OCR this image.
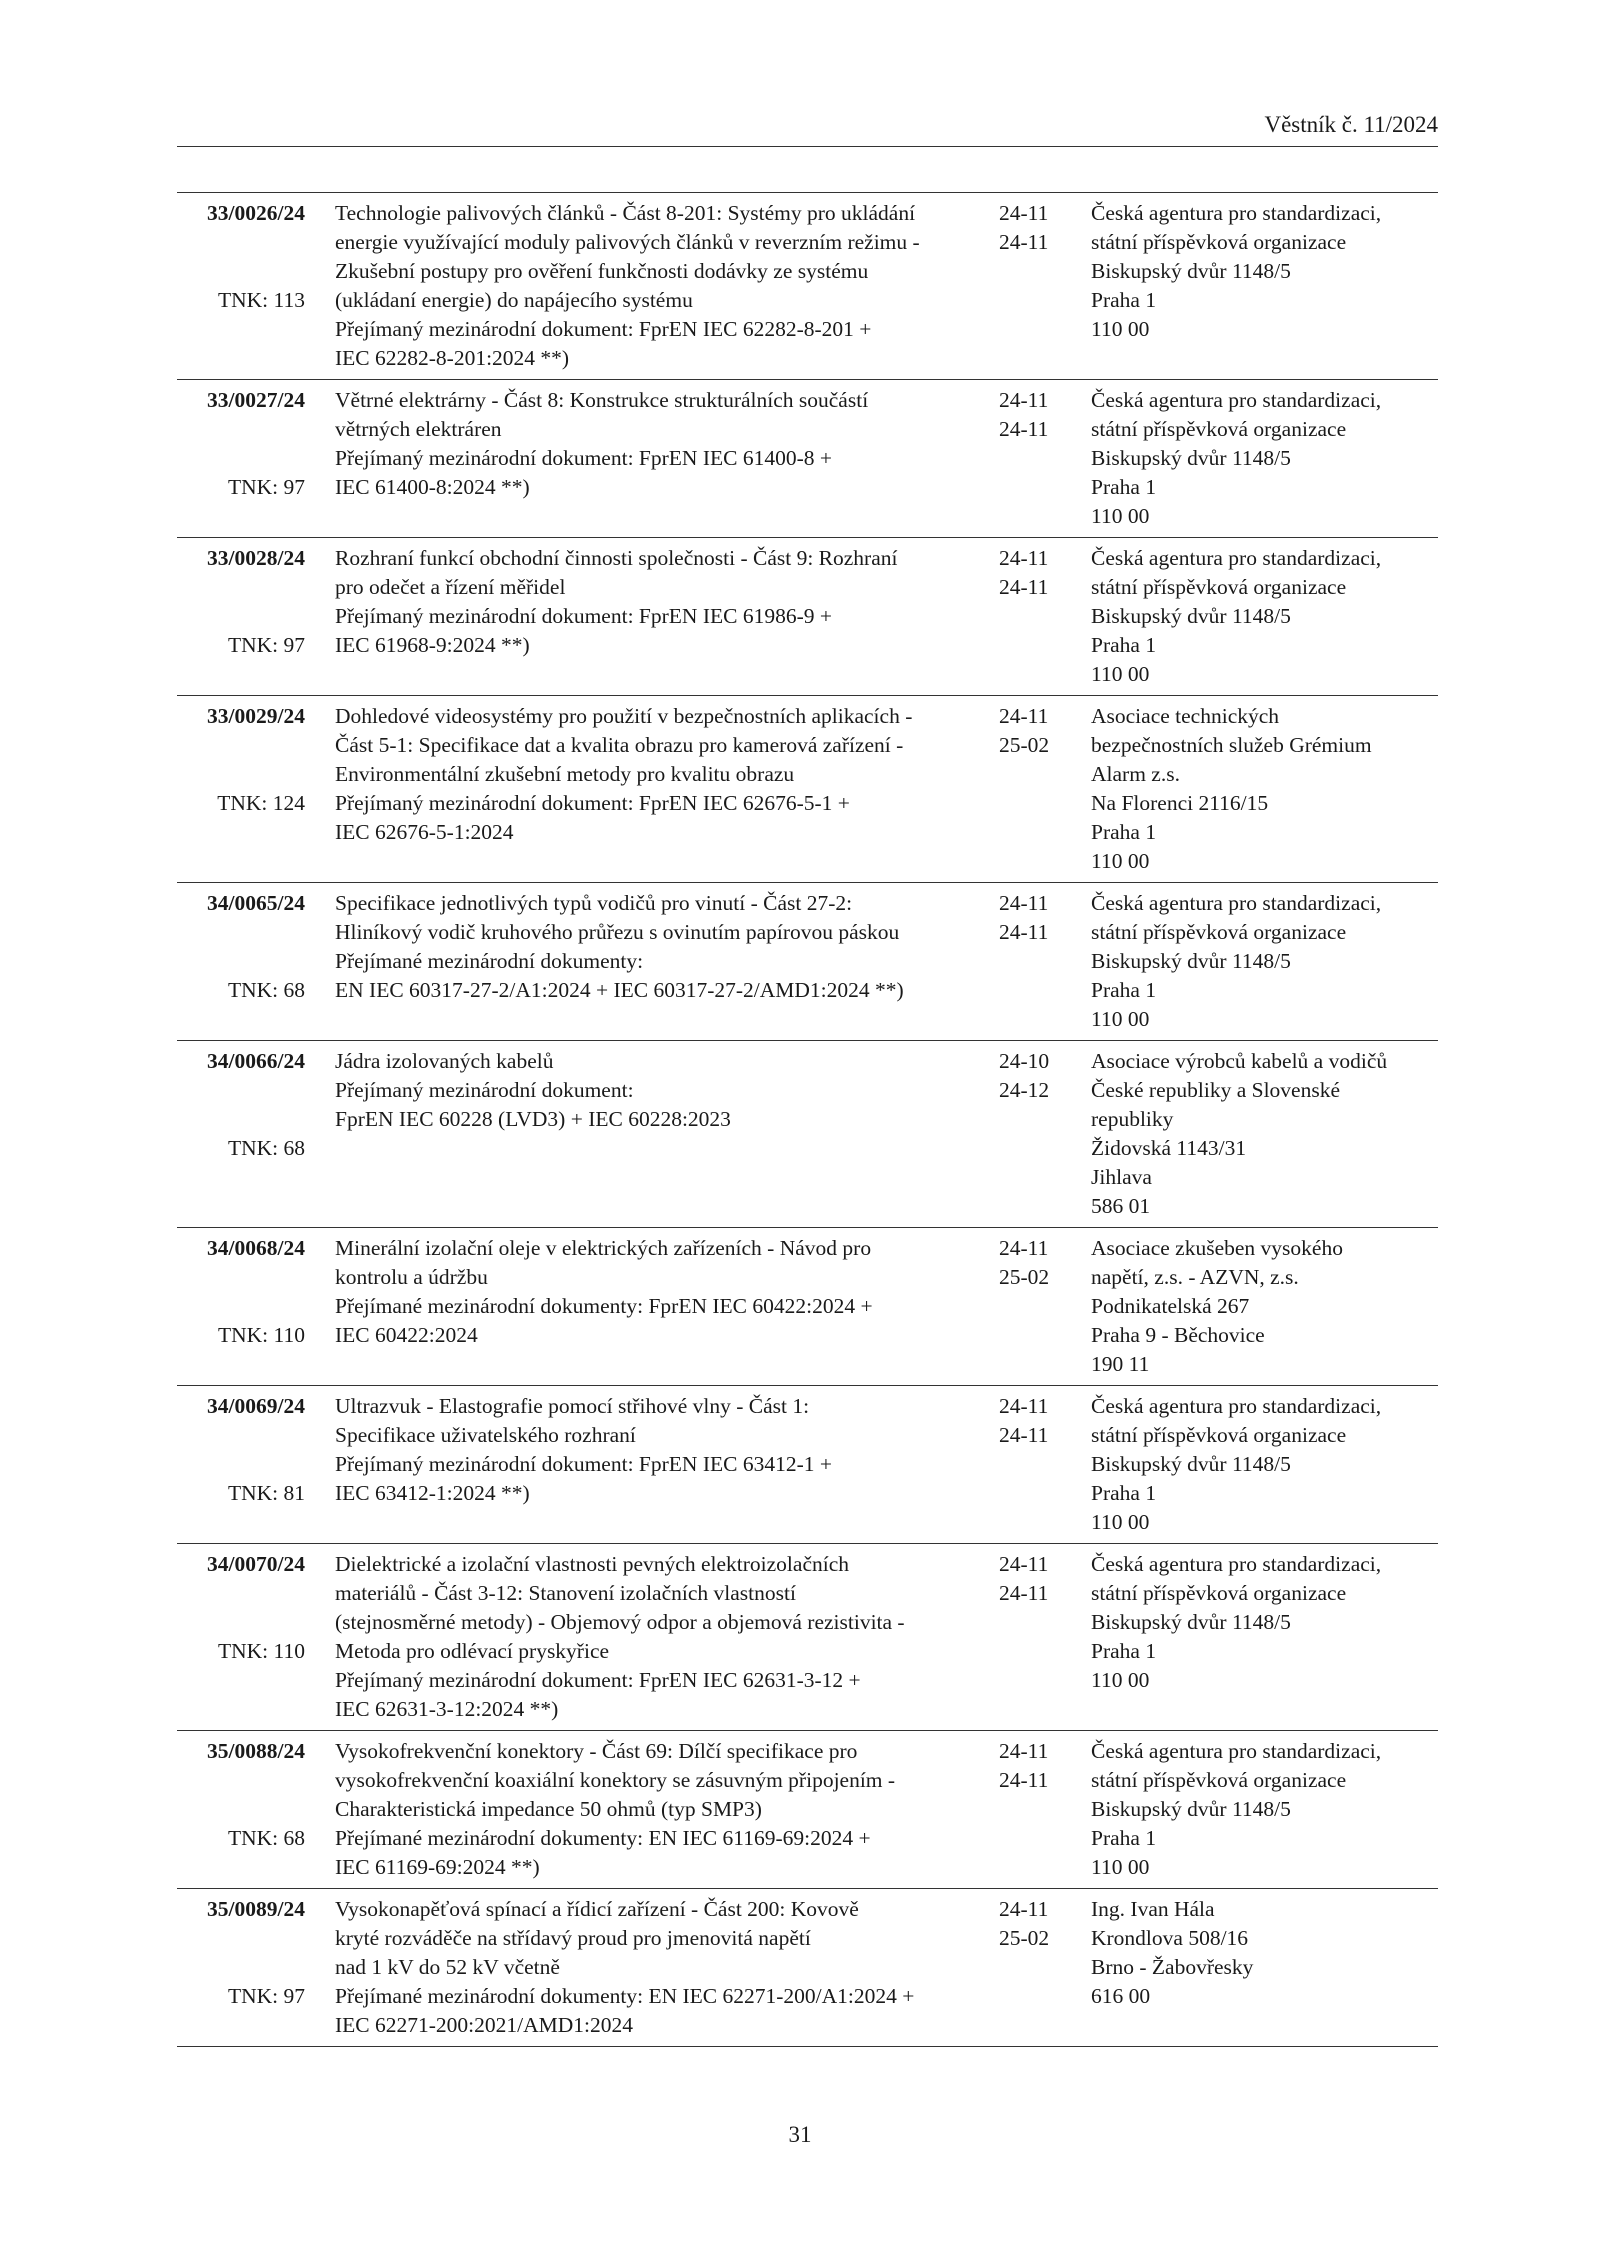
Věstník č. 11/2024
33/0026/24
TNK: 113
Technologie palivových článků - Část 8-201: Systémy pro ukládání
energie využívající moduly palivových článků v reverzním režimu -
Zkušební postupy pro ověření funkčnosti dodávky ze systému
(ukládaní energie) do napájecího systému
Přejímaný mezinárodní dokument: FprEN IEC 62282-8-201 +
IEC 62282-8-201:2024 **)
24-11
24-11
Česká agentura pro standardizaci,
státní příspěvková organizace
Biskupský dvůr 1148/5
Praha 1
110 00
33/0027/24
TNK: 97
Větrné elektrárny - Část 8: Konstrukce strukturálních součástí
větrných elektráren
Přejímaný mezinárodní dokument: FprEN IEC 61400-8 +
IEC 61400-8:2024 **)
24-11
24-11
Česká agentura pro standardizaci,
státní příspěvková organizace
Biskupský dvůr 1148/5
Praha 1
110 00
33/0028/24
TNK: 97
Rozhraní funkcí obchodní činnosti společnosti - Část 9: Rozhraní
pro odečet a řízení měřidel
Přejímaný mezinárodní dokument: FprEN IEC 61986-9 +
IEC 61968-9:2024 **)
24-11
24-11
Česká agentura pro standardizaci,
státní příspěvková organizace
Biskupský dvůr 1148/5
Praha 1
110 00
33/0029/24
TNK: 124
Dohledové videosystémy pro použití v bezpečnostních aplikacích -
Část 5-1: Specifikace dat a kvalita obrazu pro kamerová zařízení -
Environmentální zkušební metody pro kvalitu obrazu
Přejímaný mezinárodní dokument: FprEN IEC 62676-5-1 +
IEC 62676-5-1:2024
24-11
25-02
Asociace technických
bezpečnostních služeb Grémium
Alarm z.s.
Na Florenci 2116/15
Praha 1
110 00
34/0065/24
TNK: 68
Specifikace jednotlivých typů vodičů pro vinutí - Část 27-2:
Hliníkový vodič kruhového průřezu s ovinutím papírovou páskou
Přejímané mezinárodní dokumenty:
EN IEC 60317-27-2/A1:2024 + IEC 60317-27-2/AMD1:2024 **)
24-11
24-11
Česká agentura pro standardizaci,
státní příspěvková organizace
Biskupský dvůr 1148/5
Praha 1
110 00
34/0066/24
TNK: 68
Jádra izolovaných kabelů
Přejímaný mezinárodní dokument:
FprEN IEC 60228 (LVD3) + IEC 60228:2023
24-10
24-12
Asociace výrobců kabelů a vodičů
České republiky a Slovenské
republiky
Židovská 1143/31
Jihlava
586 01
34/0068/24
TNK: 110
Minerální izolační oleje v elektrických zařízeních - Návod pro
kontrolu a údržbu
Přejímané mezinárodní dokumenty: FprEN IEC 60422:2024 +
IEC 60422:2024
24-11
25-02
Asociace zkušeben vysokého
napětí, z.s. - AZVN, z.s.
Podnikatelská 267
Praha 9 - Běchovice
190 11
34/0069/24
TNK: 81
Ultrazvuk - Elastografie pomocí střihové vlny - Část 1:
Specifikace uživatelského rozhraní
Přejímaný mezinárodní dokument: FprEN IEC 63412-1 +
IEC 63412-1:2024 **)
24-11
24-11
Česká agentura pro standardizaci,
státní příspěvková organizace
Biskupský dvůr 1148/5
Praha 1
110 00
34/0070/24
TNK: 110
Dielektrické a izolační vlastnosti pevných elektroizolačních
materiálů - Část 3-12: Stanovení izolačních vlastností
(stejnosměrné metody) - Objemový odpor a objemová rezistivita -
Metoda pro odlévací pryskyřice
Přejímaný mezinárodní dokument: FprEN IEC 62631-3-12 +
IEC 62631-3-12:2024 **)
24-11
24-11
Česká agentura pro standardizaci,
státní příspěvková organizace
Biskupský dvůr 1148/5
Praha 1
110 00
35/0088/24
TNK: 68
Vysokofrekvenční konektory - Část 69: Dílčí specifikace pro
vysokofrekvenční koaxiální konektory se zásuvným připojením -
Charakteristická impedance 50 ohmů (typ SMP3)
Přejímané mezinárodní dokumenty: EN IEC 61169-69:2024 +
IEC 61169-69:2024 **)
24-11
24-11
Česká agentura pro standardizaci,
státní příspěvková organizace
Biskupský dvůr 1148/5
Praha 1
110 00
35/0089/24
TNK: 97
Vysokonapěťová spínací a řídicí zařízení - Část 200: Kovově
kryté rozváděče na střídavý proud pro jmenovitá napětí
nad 1 kV do 52 kV včetně
Přejímané mezinárodní dokumenty: EN IEC 62271-200/A1:2024 +
IEC 62271-200:2021/AMD1:2024
24-11
25-02
Ing. Ivan Hála
Krondlova 508/16
Brno - Žabovřesky
616 00
31
